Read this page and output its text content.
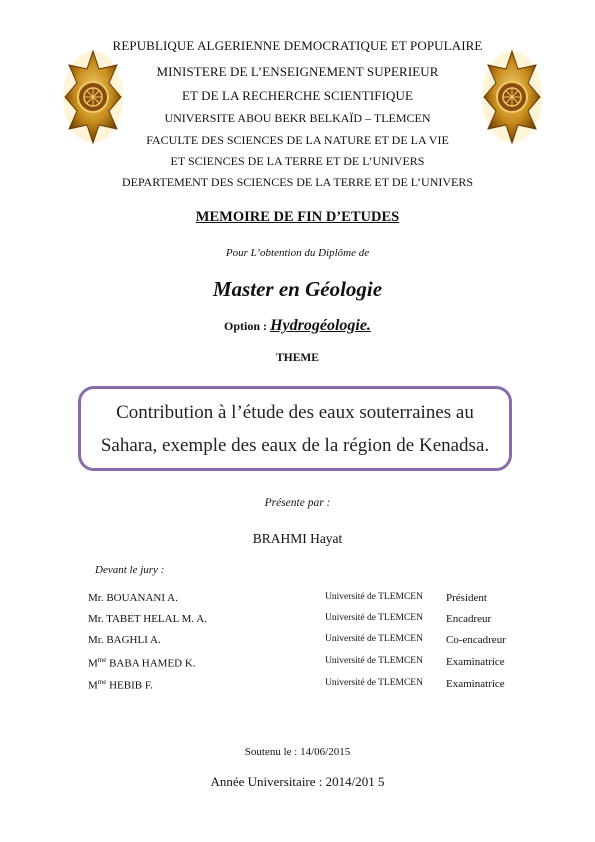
REPUBLIQUE ALGERIENNE DEMOCRATIQUE ET POPULAIRE
MINISTERE DE L’ENSEIGNEMENT SUPERIEUR
ET DE LA RECHERCHE SCIENTIFIQUE
UNIVERSITE ABOU BEKR BELKAÏD – TLEMCEN
FACULTE DES SCIENCES DE LA NATURE ET DE LA VIE
ET SCIENCES DE LA TERRE ET DE L’UNIVERS
DEPARTEMENT DES SCIENCES DE LA TERRE ET DE L’UNIVERS
MEMOIRE DE FIN D’ETUDES
Pour L’obtention du Diplôme de
Master en Géologie
Option : Hydrogéologie.
THEME
Contribution à l’étude des eaux souterraines au
Sahara, exemple des eaux de la région de Kenadsa.
Présente par :
BRAHMI Hayat
Devant le jury :
Mr. BOUANANI A.	Université de TLEMCEN Président
Mr. TABET HELAL M. A.	Université de TLEMCEN Encadreur
Mr. BAGHLI A.	Université de TLEMCEN Co-encadreur
$M^{me}$ BABA HAMED K.	Université de TLEMCEN Examinatrice
$M^{me}$ HEBIB F.	Université de TLEMCEN Examinatrice
Soutenu le : 14/06/2015
Année Universitaire : 2014/201 5
